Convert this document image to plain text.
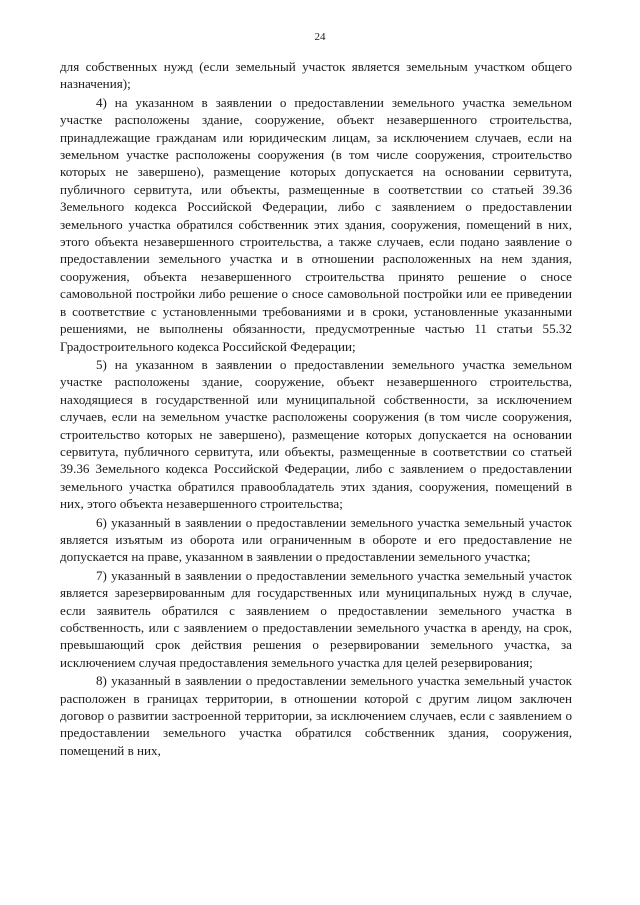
24

для собственных нужд (если земельный участок является земельным участком общего назначения);

4) на указанном в заявлении о предоставлении земельного участка земельном участке расположены здание, сооружение, объект незавершенного строительства, принадлежащие гражданам или юридическим лицам, за исключением случаев, если на земельном участке расположены сооружения (в том числе сооружения, строительство которых не завершено), размещение которых допускается на основании сервитута, публичного сервитута, или объекты, размещенные в соответствии со статьей 39.36 Земельного кодекса Российской Федерации, либо с заявлением о предоставлении земельного участка обратился собственник этих здания, сооружения, помещений в них, этого объекта незавершенного строительства, а также случаев, если подано заявление о предоставлении земельного участка и в отношении расположенных на нем здания, сооружения, объекта незавершенного строительства принято решение о сносе самовольной постройки либо решение о сносе самовольной постройки или ее приведении в соответствие с установленными требованиями и в сроки, установленные указанными решениями, не выполнены обязанности, предусмотренные частью 11 статьи 55.32 Градостроительного кодекса Российской Федерации;

5) на указанном в заявлении о предоставлении земельного участка земельном участке расположены здание, сооружение, объект незавершенного строительства, находящиеся в государственной или муниципальной собственности, за исключением случаев, если на земельном участке расположены сооружения (в том числе сооружения, строительство которых не завершено), размещение которых допускается на основании сервитута, публичного сервитута, или объекты, размещенные в соответствии со статьей 39.36 Земельного кодекса Российской Федерации, либо с заявлением о предоставлении земельного участка обратился правообладатель этих здания, сооружения, помещений в них, этого объекта незавершенного строительства;

6) указанный в заявлении о предоставлении земельного участка земельный участок является изъятым из оборота или ограниченным в обороте и его предоставление не допускается на праве, указанном в заявлении о предоставлении земельного участка;

7) указанный в заявлении о предоставлении земельного участка земельный участок является зарезервированным для государственных или муниципальных нужд в случае, если заявитель обратился с заявлением о предоставлении земельного участка в собственность, или с заявлением о предоставлении земельного участка в аренду, на срок, превышающий срок действия решения о резервировании земельного участка, за исключением случая предоставления земельного участка для целей резервирования;

8) указанный в заявлении о предоставлении земельного участка земельный участок расположен в границах территории, в отношении которой с другим лицом заключен договор о развитии застроенной территории, за исключением случаев, если с заявлением о предоставлении земельного участка обратился собственник здания, сооружения, помещений в них,
